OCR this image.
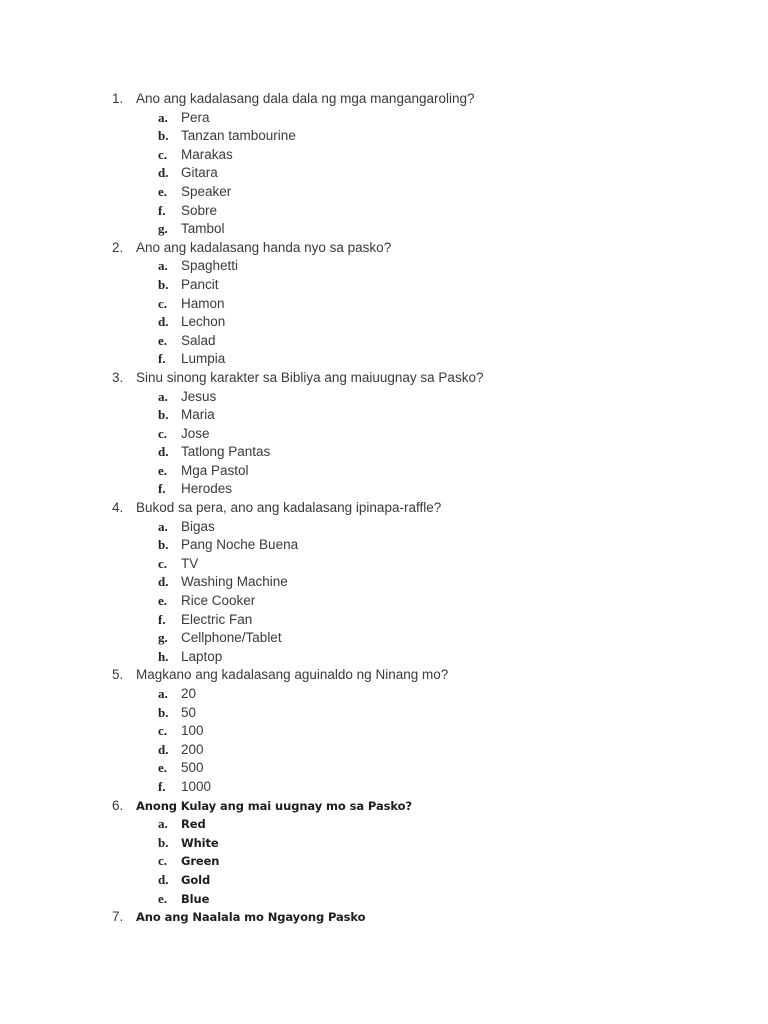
1. Ano ang kadalasang dala dala ng mga mangangaroling?
a. Pera
b. Tanzan tambourine
c. Marakas
d. Gitara
e. Speaker
f. Sobre
g. Tambol
2. Ano ang kadalasang handa nyo sa pasko?
a. Spaghetti
b. Pancit
c. Hamon
d. Lechon
e. Salad
f. Lumpia
3. Sinu sinong karakter sa Bibliya ang maiuugnay sa Pasko?
a. Jesus
b. Maria
c. Jose
d. Tatlong Pantas
e. Mga Pastol
f. Herodes
4. Bukod sa pera, ano ang kadalasang ipinapa-raffle?
a. Bigas
b. Pang Noche Buena
c. TV
d. Washing Machine
e. Rice Cooker
f. Electric Fan
g. Cellphone/Tablet
h. Laptop
5. Magkano ang kadalasang aguinaldo ng Ninang mo?
a. 20
b. 50
c. 100
d. 200
e. 500
f. 1000
6.	Anong Kulay ang mai uugnay mo sa Pasko?
a. Red
b. White
c. Green
d. Gold
e. Blue
7.	Ano ang Naalala mo Ngayong Pasko
